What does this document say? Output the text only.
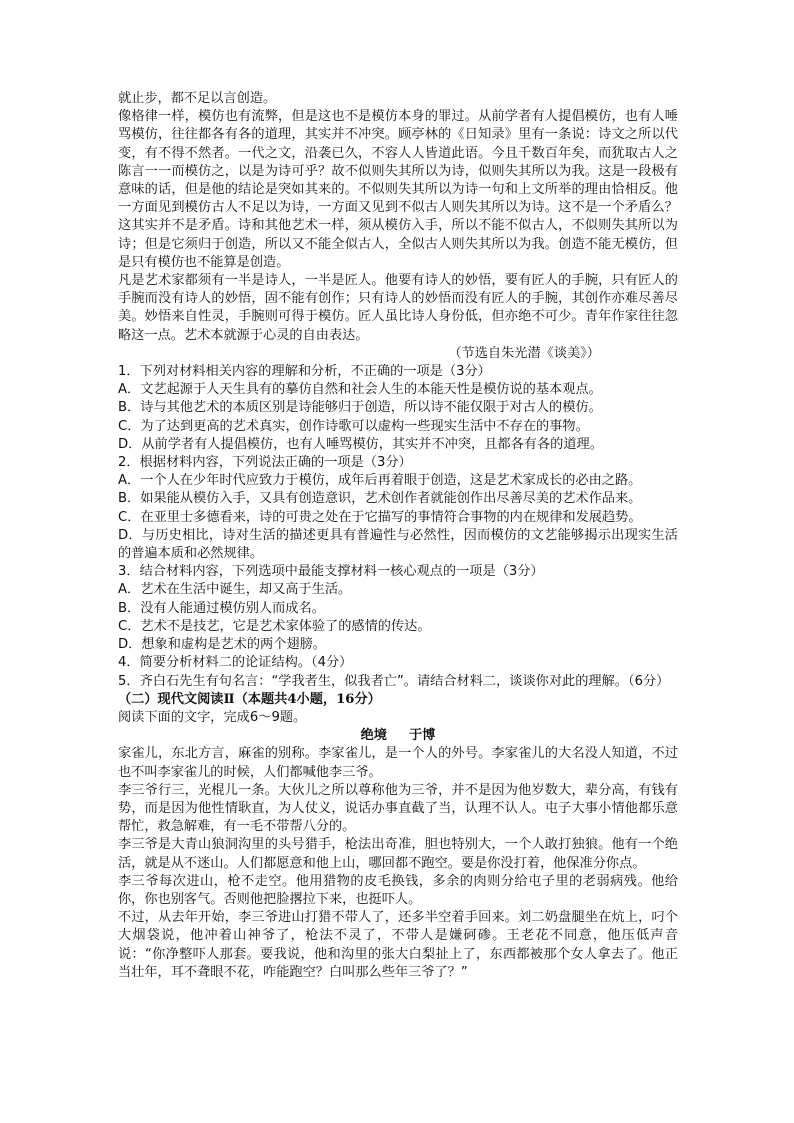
就止步，都不足以言创造。

像格律一样，模仿也有流弊，但是这也不是模仿本身的罪过。从前学者有人提倡模仿，也有人唾骂模仿，往往都各有各的道理，其实并不冲突。顾亭林的《日知录》里有一条说：诗文之所以代变，有不得不然者。一代之文，沿袭已久，不容人人皆道此语。今且千数百年矣，而犹取古人之陈言一一而模仿之，以是为诗可乎？故不似则失其所以为诗，似则失其所以为我。这是一段极有意味的话，但是他的结论是突如其来的。不似则失其所以为诗一句和上文所举的理由恰相反。他一方面见到模仿古人不足以为诗，一方面又见到不似古人则失其所以为诗。这不是一个矛盾么？这其实并不是矛盾。诗和其他艺术一样，须从模仿入手，所以不能不似古人，不似则失其所以为诗；但是它须归于创造，所以又不能全似古人，全似古人则失其所以为我。创造不能无模仿，但是只有模仿也不能算是创造。

凡是艺术家都须有一半是诗人，一半是匠人。他要有诗人的妙悟，要有匠人的手腕，只有匠人的手腕而没有诗人的妙悟，固不能有创作；只有诗人的妙悟而没有匠人的手腕，其创作亦难尽善尽美。妙悟来自性灵，手腕则可得于模仿。匠人虽比诗人身份低，但亦绝不可少。青年作家往往忽略这一点。艺术本就源于心灵的自由表达。

（节选自朱光潜《谈美》）

1．下列对材料相关内容的理解和分析，不正确的一项是（3分）

A．文艺起源于人天生具有的摹仿自然和社会人生的本能天性是模仿说的基本观点。

B．诗与其他艺术的本质区别是诗能够归于创造，所以诗不能仅限于对古人的模仿。

C．为了达到更高的艺术真实，创作诗歌可以虚构一些现实生活中不存在的事物。

D．从前学者有人提倡模仿，也有人唾骂模仿，其实并不冲突，且都各有各的道理。

2．根据材料内容，下列说法正确的一项是（3分）

A．一个人在少年时代应致力于模仿，成年后再着眼于创造，这是艺术家成长的必由之路。

B．如果能从模仿入手，又具有创造意识，艺术创作者就能创作出尽善尽美的艺术作品来。

C．在亚里士多德看来，诗的可贵之处在于它描写的事情符合事物的内在规律和发展趋势。

D．与历史相比，诗对生活的描述更具有普遍性与必然性，因而模仿的文艺能够揭示出现实生活的普遍本质和必然规律。

3．结合材料内容，下列选项中最能支撑材料一核心观点的一项是（3分）

A．艺术在生活中诞生，却又高于生活。

B．没有人能通过模仿别人而成名。

C．艺术不是技艺，它是艺术家体验了的感情的传达。

D．想象和虚构是艺术的两个翅膀。

4．简要分析材料二的论证结构。（4分）

5．齐白石先生有句名言：“学我者生，似我者亡”。请结合材料二，谈谈你对此的理解。（6分）

（二）现代文阅读Ⅱ（本题共4小题，16分）

阅读下面的文字，完成6～9题。

绝境 于博

家雀儿，东北方言，麻雀的别称。李家雀儿，是一个人的外号。李家雀儿的大名没人知道，不过也不叫李家雀儿的时候，人们都喊他李三爷。

李三爷行三，光棍儿一条。大伙儿之所以尊称他为三爷，并不是因为他岁数大，辈分高，有钱有势，而是因为他性情耿直，为人仗义，说话办事直截了当，认理不认人。屯子大事小情他都乐意帮忙，救急解难，有一毛不带帮八分的。

李三爷是大青山狼洞沟里的头号猎手，枪法出奇准，胆也特别大，一个人敢打独狼。他有一个绝活，就是从不迷山。人们都愿意和他上山，哪回都不跑空。要是你没打着，他保准分你点。

李三爷每次进山，枪不走空。他用猎物的皮毛换钱，多余的肉则分给屯子里的老弱病残。他给你，你也别客气。否则他把脸撂拉下来，也挺吓人。

不过，从去年开始，李三爷进山打猎不带人了，还多半空着手回来。刘二奶盘腿坐在炕上，叼个大烟袋说，他冲着山神爷了，枪法不灵了，不带人是嫌砢碜。王老花不同意，他压低声音说：“你净整吓人那套。要我说，他和沟里的张大白梨扯上了，东西都被那个女人拿去了。他正当壮年，耳不聋眼不花，咋能跑空？白叫那么些年三爷了？”
